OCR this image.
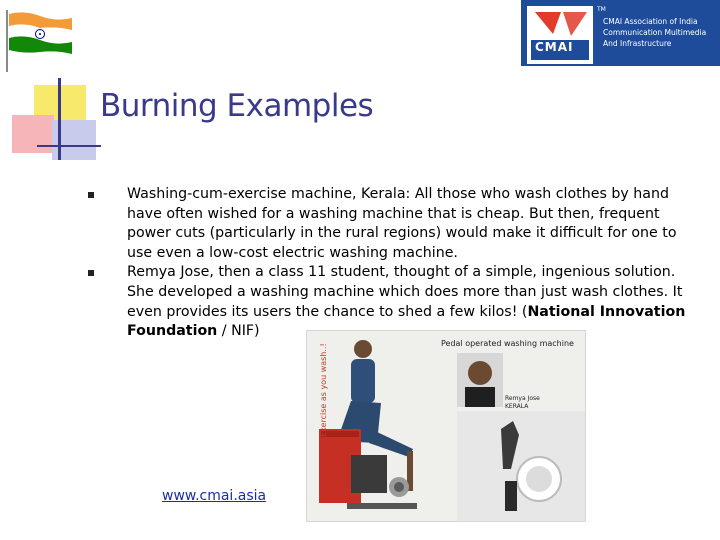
Burning Examples
TM
CMAI
CMAI Association of India
Communication Multimedia
And Infrastructure
Washing-cum-exercise machine, Kerala: All those who wash clothes by hand have often wished for a washing machine that is cheap. But then, frequent power cuts (particularly in the rural regions) would make it difficult for one to use even a low-cost electric washing machine.
Remya Jose, then a class 11 student, thought of a simple, ingenious solution. She developed a washing machine which does more than just wash clothes. It even provides its users the chance to shed a few kilos! (National Innovation Foundation / NIF)
Exercise as you wash..!	Pedal operated washing machine
Remya Jose
KERALA
www.cmai.asia
